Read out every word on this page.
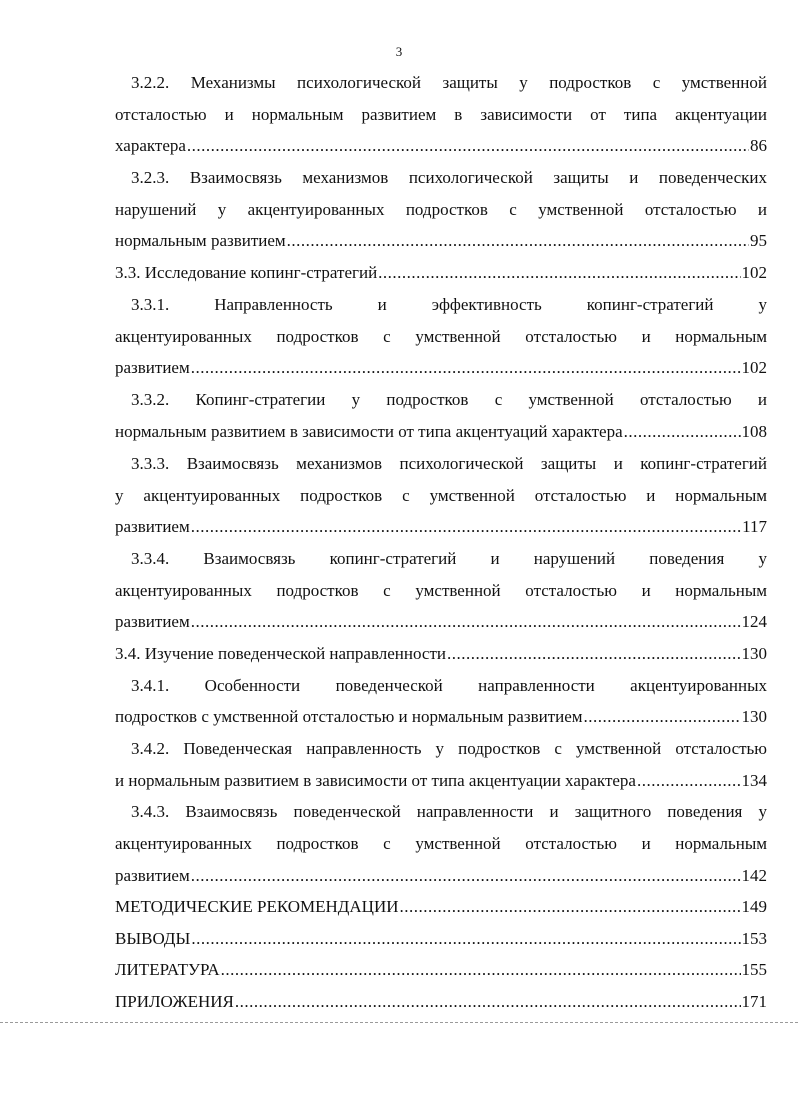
3
3.2.2. Механизмы психологической защиты у подростков с умственной
отсталостью и нормальным развитием в зависимости от типа акцентуации
характера .....	86
3.2.3. Взаимосвязь механизмов психологической защиты и поведенческих
нарушений у акцентуированных подростков с умственной отсталостью и
нормальным развитием .....	95
3.3. Исследование копинг-стратегий .....	102
3.3.1. Направленность и эффективность копинг-стратегий у
акцентуированных подростков с умственной отсталостью и нормальным
развитием .....	102
3.3.2. Копинг-стратегии у подростков с умственной отсталостью и
нормальным развитием в зависимости от типа акцентуаций характера .....	108
3.3.3. Взаимосвязь механизмов психологической защиты и копинг-стратегий
у акцентуированных подростков с умственной отсталостью и нормальным
развитием .....	117
3.3.4. Взаимосвязь копинг-стратегий и нарушений поведения у
акцентуированных подростков с умственной отсталостью и нормальным
развитием .....	124
3.4. Изучение поведенческой направленности .....	130
3.4.1. Особенности поведенческой направленности акцентуированных
подростков с умственной отсталостью и нормальным развитием .....	130
3.4.2. Поведенческая направленность у подростков с умственной отсталостью
и нормальным развитием в зависимости от типа акцентуации характера .....	134
3.4.3. Взаимосвязь поведенческой направленности и защитного поведения у
акцентуированных подростков с умственной отсталостью и нормальным
развитием .....	142
МЕТОДИЧЕСКИЕ РЕКОМЕНДАЦИИ .....	149
ВЫВОДЫ .....	153
ЛИТЕРАТУРА .....	155
ПРИЛОЖЕНИЯ .....	171
